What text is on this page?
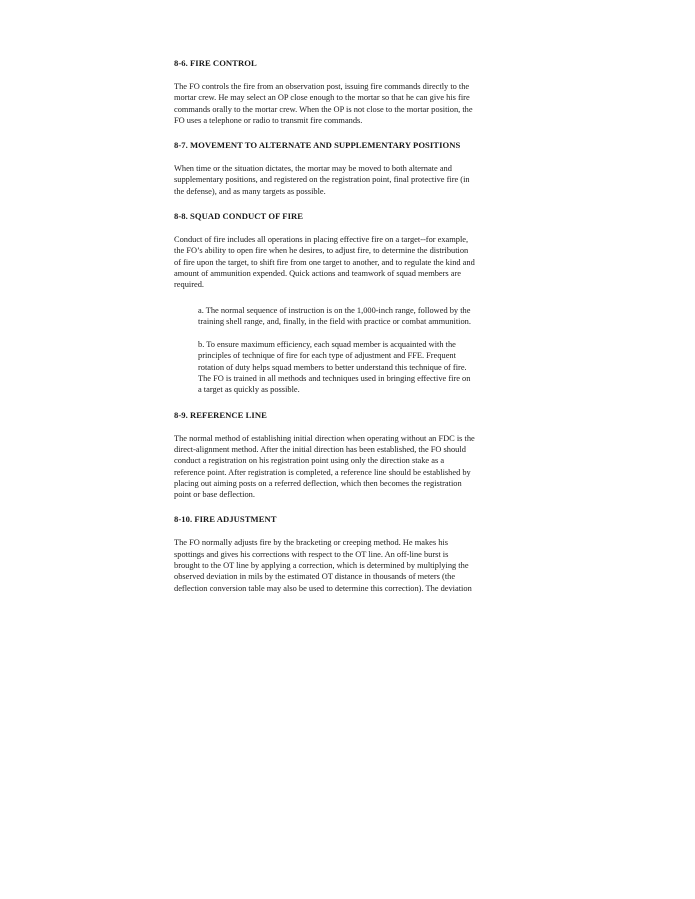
8-6. FIRE CONTROL
The FO controls the fire from an observation post, issuing fire commands directly to the
mortar crew. He may select an OP close enough to the mortar so that he can give his fire
commands orally to the mortar crew. When the OP is not close to the mortar position, the
FO uses a telephone or radio to transmit fire commands.
8-7. MOVEMENT TO ALTERNATE AND SUPPLEMENTARY POSITIONS
When time or the situation dictates, the mortar may be moved to both alternate and
supplementary positions, and registered on the registration point, final protective fire (in
the defense), and as many targets as possible.
8-8. SQUAD CONDUCT OF FIRE
Conduct of fire includes all operations in placing effective fire on a target--for example,
the FO’s ability to open fire when he desires, to adjust fire, to determine the distribution
of fire upon the target, to shift fire from one target to another, and to regulate the kind and
amount of ammunition expended. Quick actions and teamwork of squad members are
required.
a. The normal sequence of instruction is on the 1,000-inch range, followed by the
training shell range, and, finally, in the field with practice or combat ammunition.
b. To ensure maximum efficiency, each squad member is acquainted with the
principles of technique of fire for each type of adjustment and FFE. Frequent
rotation of duty helps squad members to better understand this technique of fire.
The FO is trained in all methods and techniques used in bringing effective fire on
a target as quickly as possible.
8-9. REFERENCE LINE
The normal method of establishing initial direction when operating without an FDC is the
direct-alignment method. After the initial direction has been established, the FO should
conduct a registration on his registration point using only the direction stake as a
reference point. After registration is completed, a reference line should be established by
placing out aiming posts on a referred deflection, which then becomes the registration
point or base deflection.
8-10. FIRE ADJUSTMENT
The FO normally adjusts fire by the bracketing or creeping method. He makes his
spottings and gives his corrections with respect to the OT line. An off-line burst is
brought to the OT line by applying a correction, which is determined by multiplying the
observed deviation in mils by the estimated OT distance in thousands of meters (the
deflection conversion table may also be used to determine this correction). The deviation
